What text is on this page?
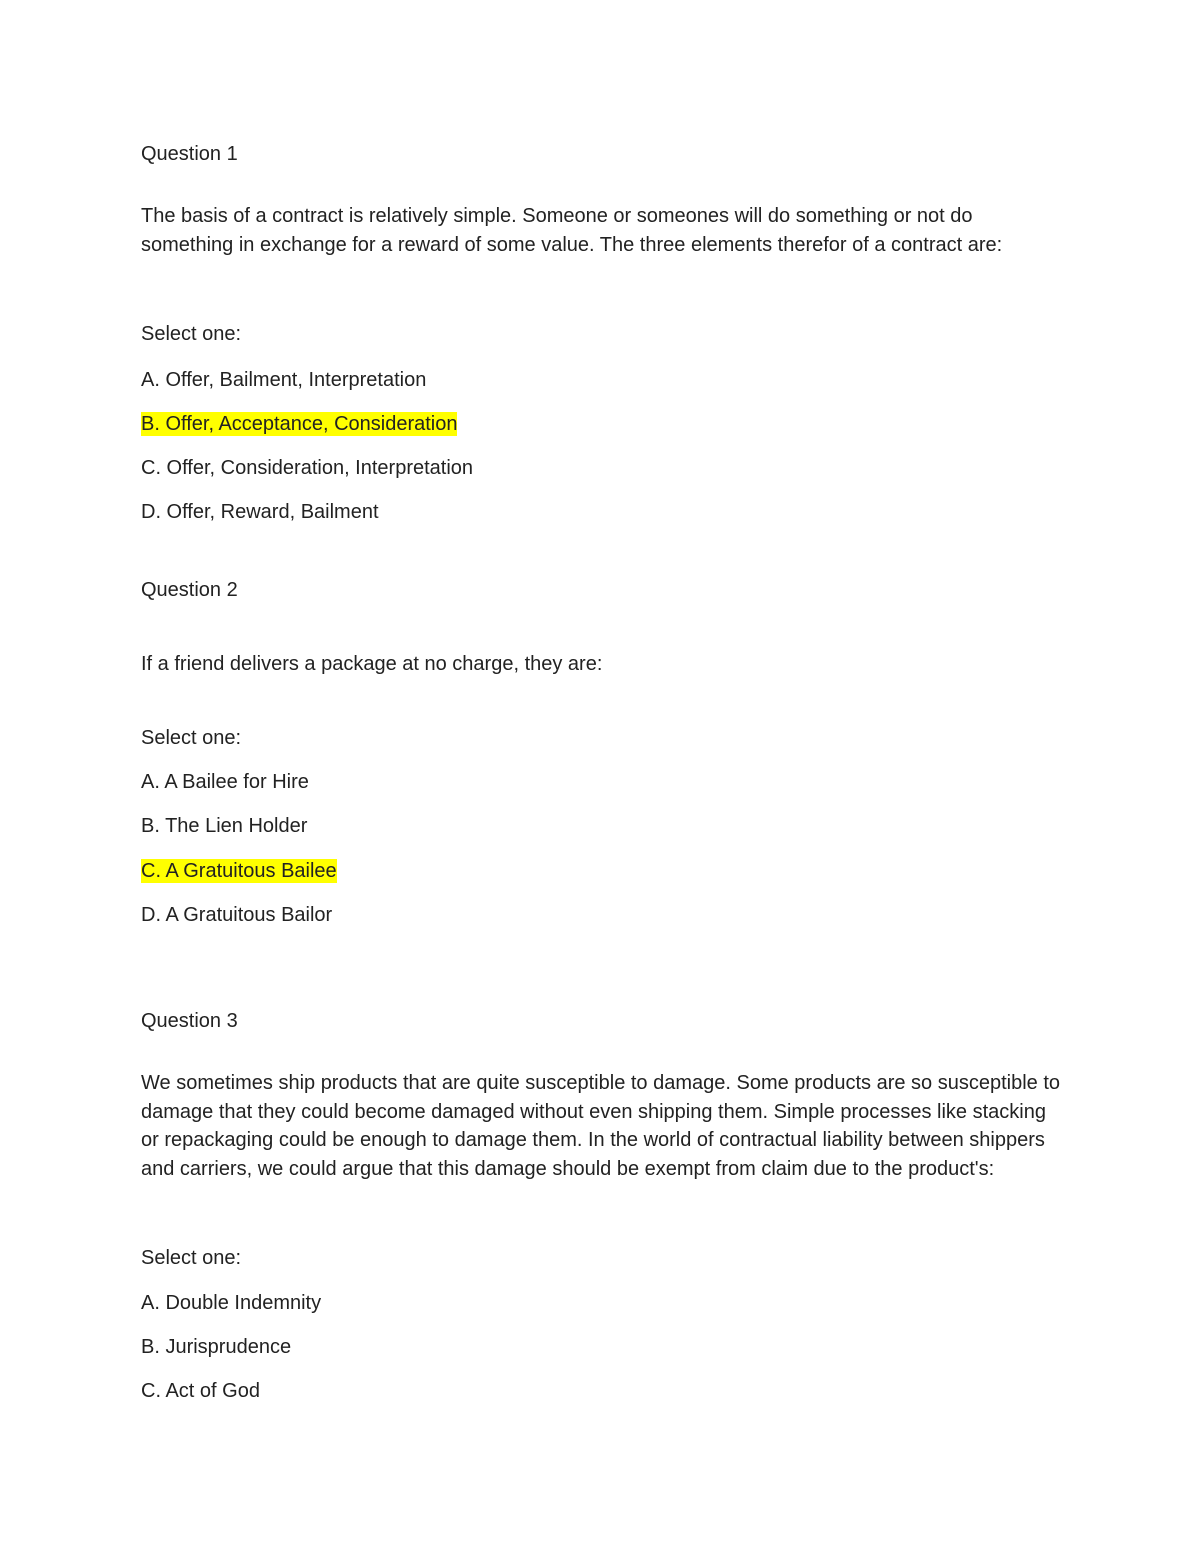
Question 1
The basis of a contract is relatively simple. Someone or someones will do something or not do something in exchange for a reward of some value. The three elements therefor of a contract are:
Select one:
A. Offer, Bailment, Interpretation
B. Offer, Acceptance, Consideration
C. Offer, Consideration, Interpretation
D. Offer, Reward, Bailment
Question 2
If a friend delivers a package at no charge, they are:
Select one:
A. A Bailee for Hire
B. The Lien Holder
C. A Gratuitous Bailee
D. A Gratuitous Bailor
Question 3
We sometimes ship products that are quite susceptible to damage. Some products are so susceptible to damage that they could become damaged without even shipping them. Simple processes like stacking or repackaging could be enough to damage them. In the world of contractual liability between shippers and carriers, we could argue that this damage should be exempt from claim due to the product's:
Select one:
A. Double Indemnity
B. Jurisprudence
C. Act of God
